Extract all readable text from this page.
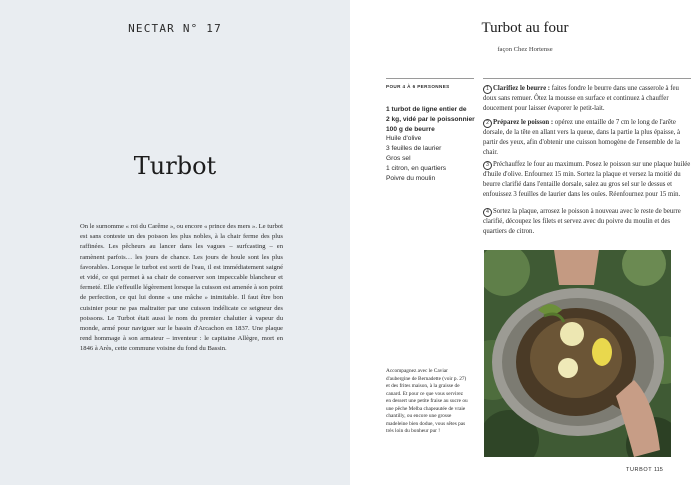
NECTAR N° 17
Turbot

On le surnomme « roi du Carême », ou encore « prince des mers ». Le turbot est sans conteste un des poisson les plus nobles, à la chair ferme des plus raffinées. Les pêcheurs au lancer dans les vagues – surfcasting – en ramènent parfois… les jours de chance. Les jours de houle sont les plus favorables. Lorsque le turbot est sorti de l'eau, il est immédiatement saigné et vidé, ce qui permet à sa chair de conserver son impeccable blancheur et fermeté. Elle s'effeuille légèrement lorsque la cuisson est amenée à son point de perfection, ce qui lui donne « une mâche » inimitable. Il faut être bon cuisinier pour ne pas maltraiter par une cuisson indélicate ce seigneur des poissons. Le Turbot était aussi le nom du premier chalutier à vapeur du monde, armé pour naviguer sur le bassin d'Arcachon en 1837. Une plaque rend hommage à son armateur – inventeur : le capitaine Allègre, mort en 1846 à Arès, cette commune voisine du fond du Bassin.

Turbot au four
façon Chez Hortense
POUR 4 À 6 PERSONNES
1 turbot de ligne entier de
2 kg, vidé par le poissonnier
100 g de beurre
Huile d'olive
3 feuilles de laurier
Gros sel
1 citron, en quartiers
Poivre du moulin

1 Clarifiez le beurre : faites fondre le beurre dans une casserole à feu doux sans remuer. Ôtez la mousse en surface et continuez à chauffer doucement pour laisser évaporer le petit-lait.

2 Préparez le poisson : opérez une entaille de 7 cm le long de l'arête dorsale, de la tête en allant vers la queue, dans la partie la plus épaisse, à partir des yeux, afin d'obtenir une cuisson homogène de l'ensemble de la chair.

3 Préchauffez le four au maximum. Posez le poisson sur une plaque huilée d'huile d'olive. Enfournez 15 min. Sortez la plaque et versez la moitié du beurre clarifié dans l'entaille dorsale, salez au gros sel sur le dessus et enfouissez 3 feuilles de laurier dans les ouïes. Réenfournez pour 15 min.

4 Sortez la plaque, arrosez le poisson à nouveau avec le reste de beurre clarifié, découpez les filets et servez avec du poivre du moulin et des quartiers de citron.

Accompagnez avec le Caviar d'aubergine de Bernadette (voir p. 27) et des frites maison, à la graisse de canard. Et pour ce que vous servirez en dessert une petite fraise au sucre ou une pêche Melba chapeautée de vraie chantilly, ou encore une grosse madeleine bien dodue, vous sêtes pas très loin du bonheur pur !

TURBOT 115
